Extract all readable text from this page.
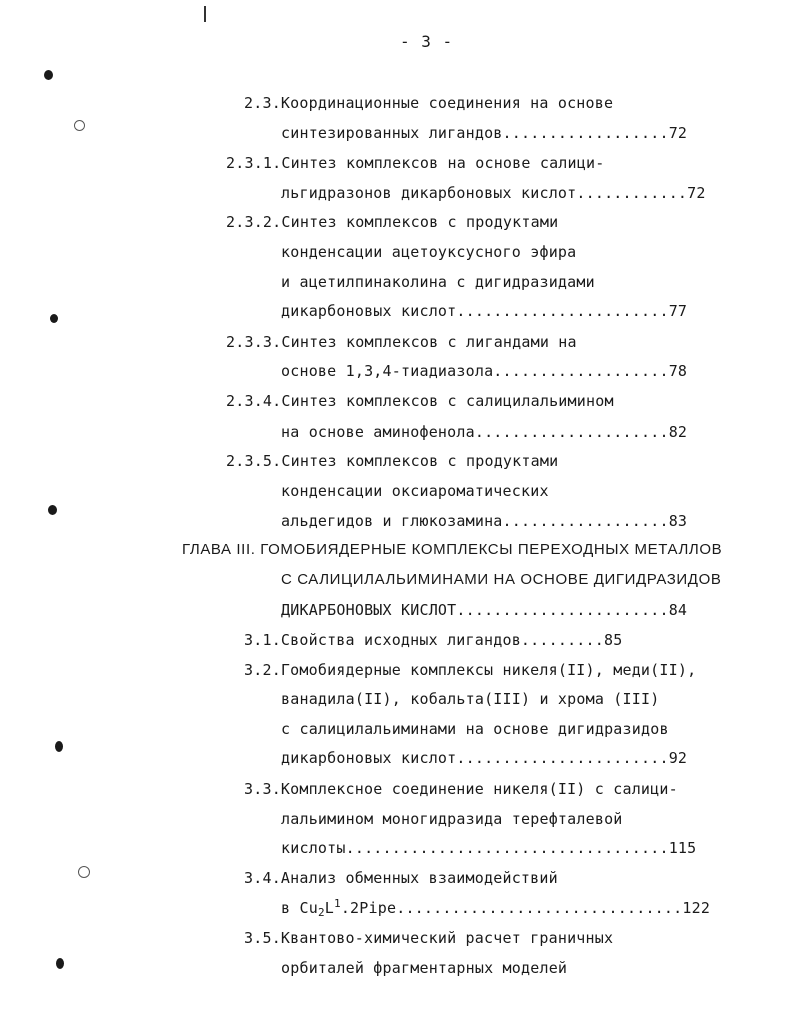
- 3 -
2.3.Координационные соединения на основе
синтезированных лигандов..................72
2.3.1.Синтез комплексов на основе салици-
льгидразонов дикарбоновых кислот............72
2.3.2.Синтез комплексов с продуктами
конденсации ацетоуксусного эфира
и ацетилпинаколина с дигидразидами
дикарбоновых кислот.......................77
2.3.3.Синтез комплексов с лигандами на
основе 1,3,4-тиадиазола...................78
2.3.4.Синтез комплексов с салицилальимином
на основе аминофенола.....................82
2.3.5.Синтез комплексов с продуктами
конденсации оксиароматических
альдегидов и глюкозамина..................83
ГЛАВА III. ГОМОБИЯДЕРНЫЕ КОМПЛЕКСЫ ПЕРЕХОДНЫХ МЕТАЛЛОВ
С САЛИЦИЛАЛЬИМИНАМИ НА ОСНОВЕ ДИГИДРАЗИДОВ
ДИКАРБОНОВЫХ КИСЛОТ.......................84
3.1.Свойства исходных лигандов.........85
3.2.Гомобиядерные комплексы никеля(II), меди(II),
ванадила(II), кобальта(III) и хрома (III)
с салицилальиминами на основе дигидразидов
дикарбоновых кислот.......................92
3.3.Комплексное соединение никеля(II) с салици-
лальимином моногидразида терефталевой
кислоты...................................115
3.4.Анализ обменных взаимодействий
в $Cu_2L^1.2Pipe...............................122$
3.5.Квантово-химический расчет граничных
орбиталей фрагментарных моделей
